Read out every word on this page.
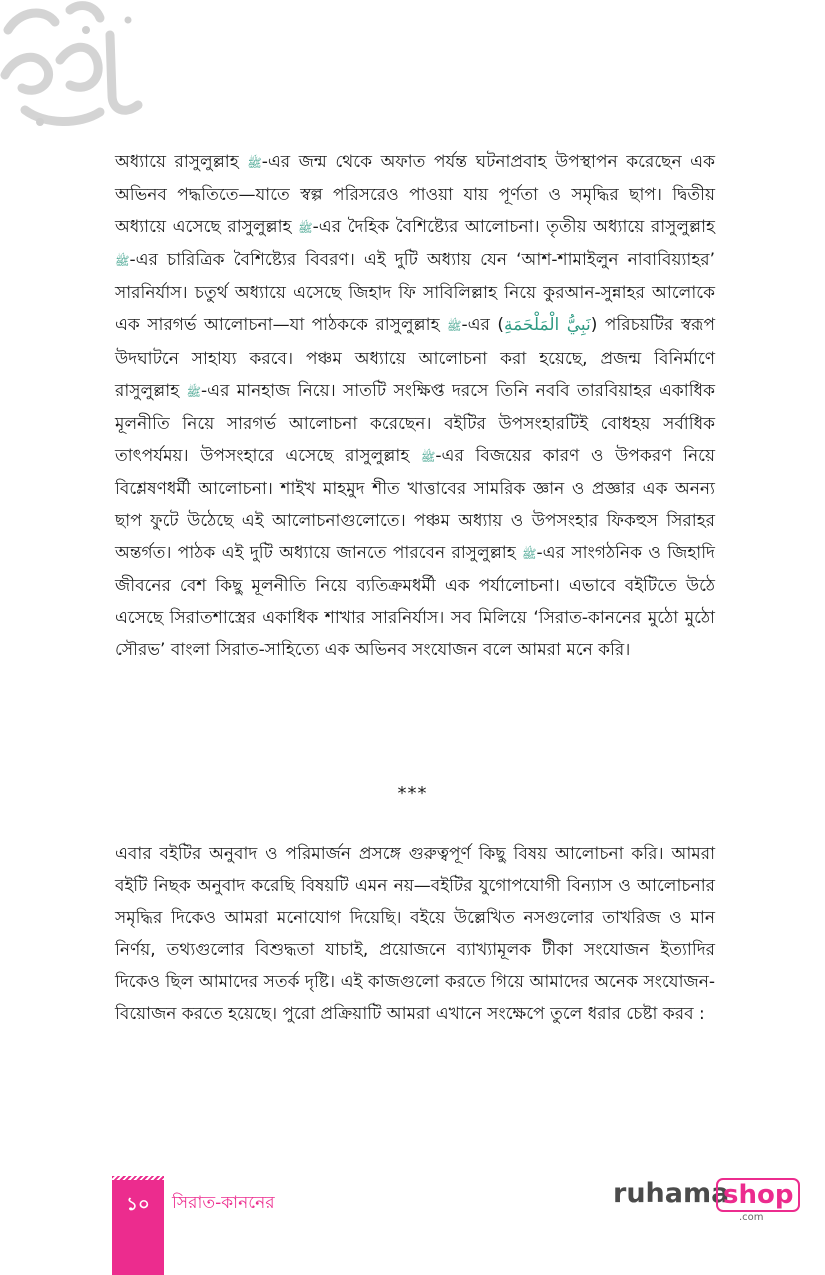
অধ্যায়ে রাসুলুল্লাহ ﷺ-এর জন্ম থেকে অফাত পর্যন্ত ঘটনাপ্রবাহ উপস্থাপন করেছেন এক অভিনব পদ্ধতিতে—যাতে স্বল্প পরিসরেও পাওয়া যায় পূর্ণতা ও সমৃদ্ধির ছাপ। দ্বিতীয় অধ্যায়ে এসেছে রাসুলুল্লাহ ﷺ-এর দৈহিক বৈশিষ্ট্যের আলোচনা। তৃতীয় অধ্যায়ে রাসুলুল্লাহ ﷺ-এর চারিত্রিক বৈশিষ্ট্যের বিবরণ। এই দুটি অধ্যায় যেন ‘আশ-শামাইলুন নাবাবিয়্যাহর’ সারনির্যাস। চতুর্থ অধ্যায়ে এসেছে জিহাদ ফি সাবিলিল্লাহ নিয়ে কুরআন-সুন্নাহর আলোকে এক সারগর্ভ আলোচনা—যা পাঠককে রাসুলুল্লাহ ﷺ-এর (نَبِيُّ الْمَلْحَمَةِ) পরিচয়টির স্বরূপ উদঘাটনে সাহায্য করবে। পঞ্চম অধ্যায়ে আলোচনা করা হয়েছে, প্রজন্ম বিনির্মাণে রাসুলুল্লাহ ﷺ-এর মানহাজ নিয়ে। সাতটি সংক্ষিপ্ত দরসে তিনি নববি তারবিয়াহর একাধিক মূলনীতি নিয়ে সারগর্ভ আলোচনা করেছেন। বইটির উপসংহারটিই বোধহয় সর্বাধিক তাৎপর্যময়। উপসংহারে এসেছে রাসুলুল্লাহ ﷺ-এর বিজয়ের কারণ ও উপকরণ নিয়ে বিশ্লেষণধর্মী আলোচনা। শাইখ মাহমুদ শীত খাত্তাবের সামরিক জ্ঞান ও প্রজ্ঞার এক অনন্য ছাপ ফুটে উঠেছে এই আলোচনাগুলোতে। পঞ্চম অধ্যায় ও উপসংহার ফিকহুস সিরাহর অন্তর্গত। পাঠক এই দুটি অধ্যায়ে জানতে পারবেন রাসুলুল্লাহ ﷺ-এর সাংগঠনিক ও জিহাদি জীবনের বেশ কিছু মূলনীতি নিয়ে ব্যতিক্রমধর্মী এক পর্যালোচনা। এভাবে বইটিতে উঠে এসেছে সিরাতশাস্ত্রের একাধিক শাখার সারনির্যাস। সব মিলিয়ে ‘সিরাত-কাননের মুঠো মুঠো সৌরভ’ বাংলা সিরাত-সাহিত্যে এক অভিনব সংযোজন বলে আমরা মনে করি।

***

এবার বইটির অনুবাদ ও পরিমার্জন প্রসঙ্গে গুরুত্বপূর্ণ কিছু বিষয় আলোচনা করি। আমরা বইটি নিছক অনুবাদ করেছি বিষয়টি এমন নয়—বইটির যুগোপযোগী বিন্যাস ও আলোচনার সমৃদ্ধির দিকেও আমরা মনোযোগ দিয়েছি। বইয়ে উল্লেখিত নসগুলোর তাখরিজ ও মান নির্ণয়, তথ্যগুলোর বিশুদ্ধতা যাচাই, প্রয়োজনে ব্যাখ্যামূলক টীকা সংযোজন ইত্যাদির দিকেও ছিল আমাদের সতর্ক দৃষ্টি। এই কাজগুলো করতে গিয়ে আমাদের অনেক সংযোজন-বিয়োজন করতে হয়েছে। পুরো প্রক্রিয়াটি আমরা এখানে সংক্ষেপে তুলে ধরার চেষ্টা করব :

১০	সিরাত-কাননের	ruhama
shop
.com
